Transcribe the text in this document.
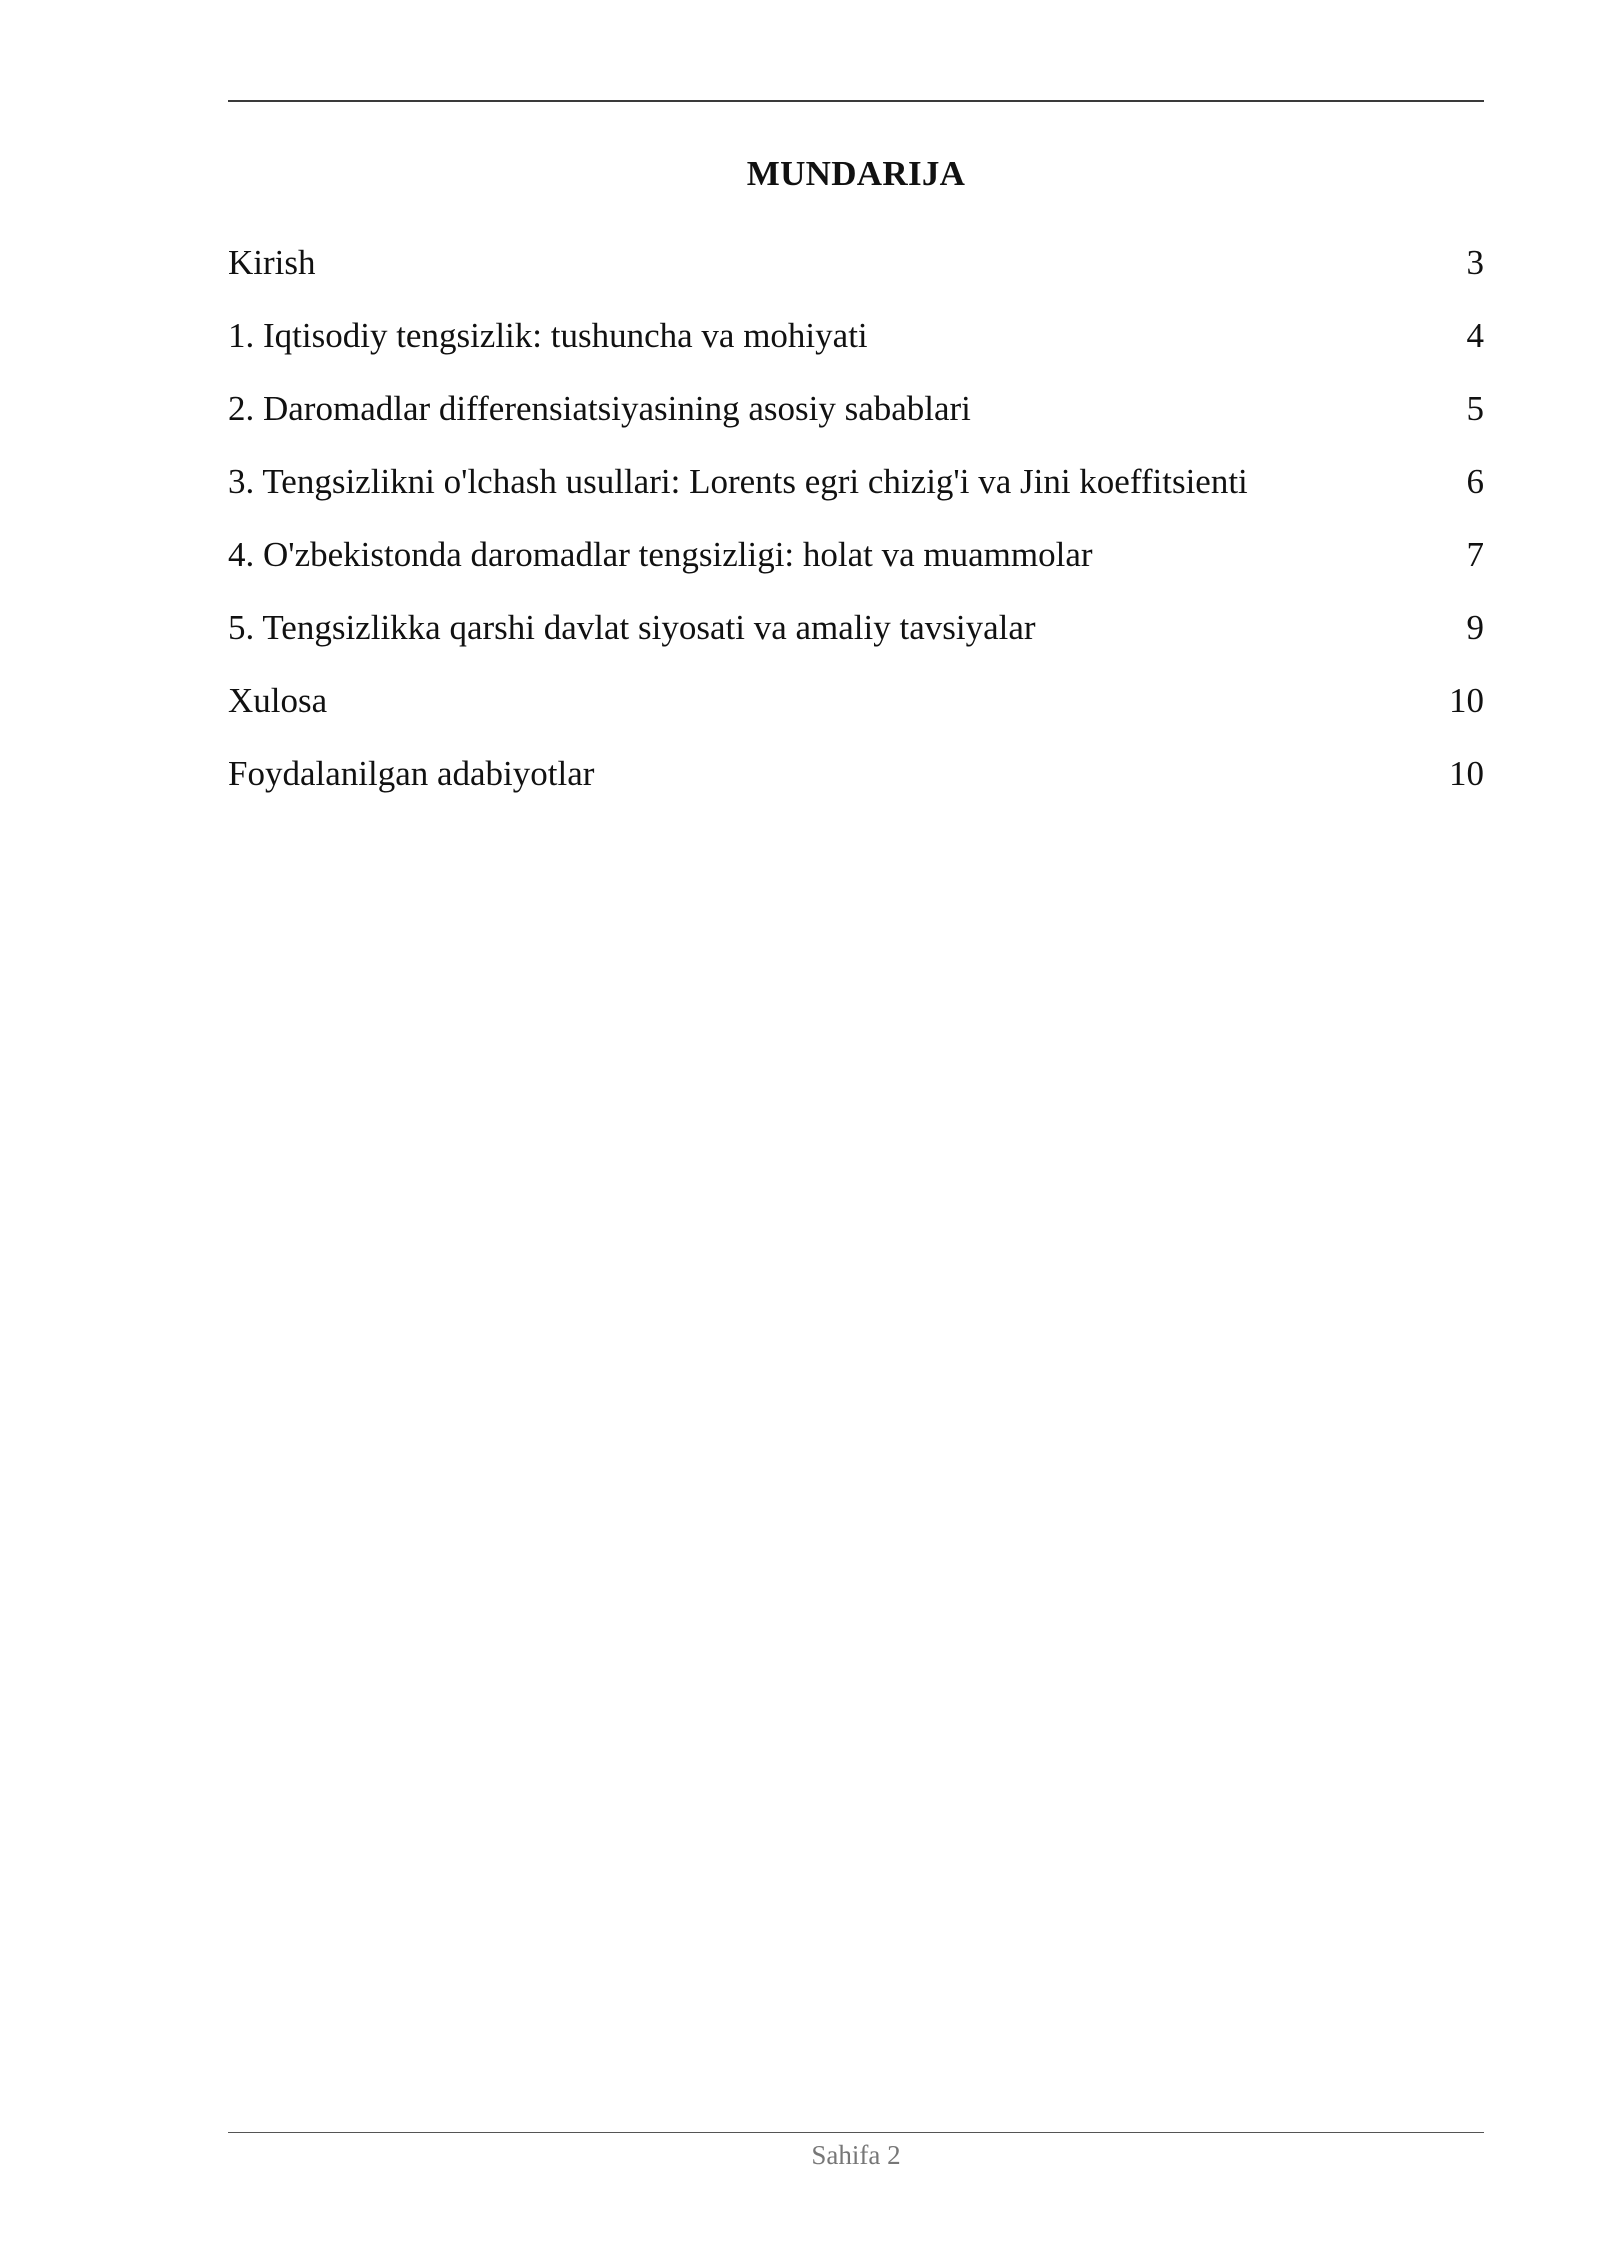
MUNDARIJA
Kirish	3
1. Iqtisodiy tengsizlik: tushuncha va mohiyati	4
2. Daromadlar differensiatsiyasining asosiy sabablari	5
3. Tengsizlikni o'lchash usullari: Lorents egri chizig'i va Jini koeffitsienti	6
4. O'zbekistonda daromadlar tengsizligi: holat va muammolar	7
5. Tengsizlikka qarshi davlat siyosati va amaliy tavsiyalar	9
Xulosa	10
Foydalanilgan adabiyotlar	10
Sahifa 2
